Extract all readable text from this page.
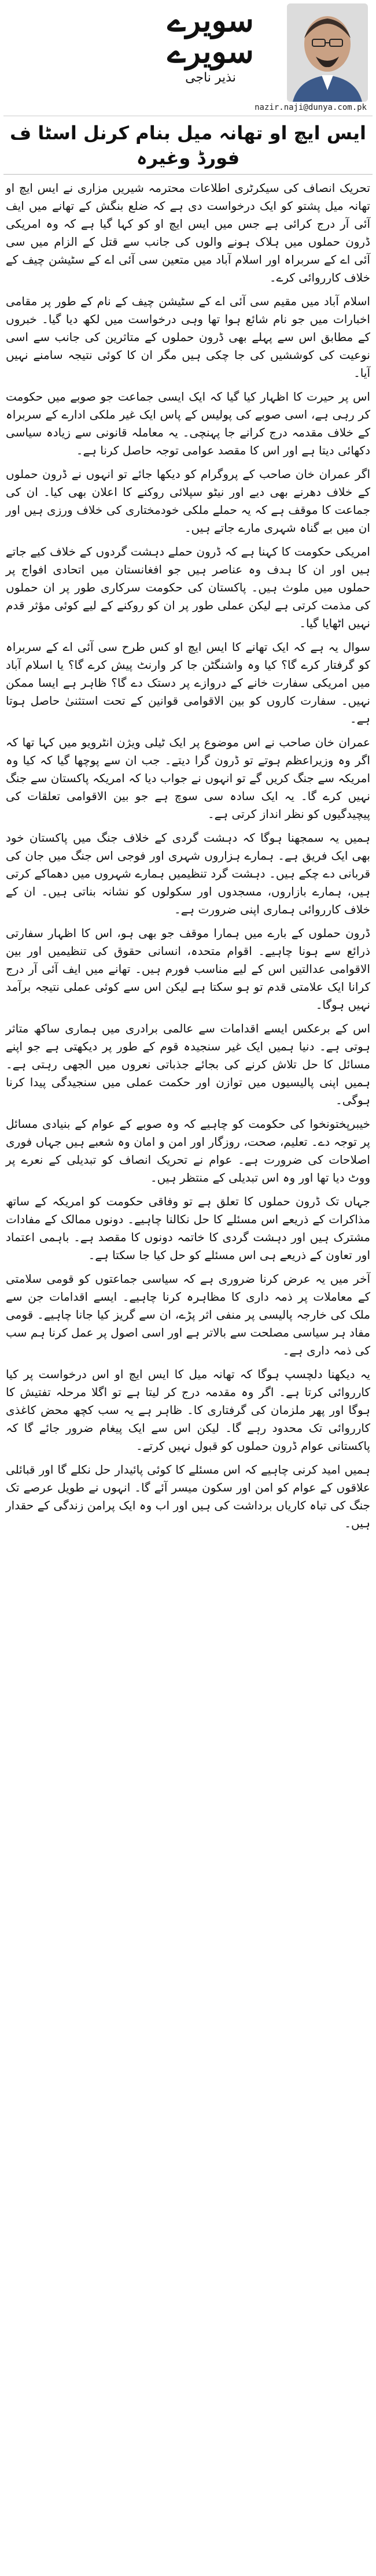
سویرے
سویرے
نذیر ناجی
nazir.naji@dunya.com.pk
ایس ایچ او تھانہ میل بنام کرنل اسٹا ف فورڈ وغیرہ

تحریک انصاف کی سیکرٹری اطلاعات محترمہ شیریں مزاری نے ایس ایچ او تھانہ میل پشتو کو ایک درخواست دی ہے کہ ضلع بنگش کے تھانے میں ایف آئی آر درج کرائی ہے جس میں ایس ایچ او کو کہا گیا ہے کہ وہ امریکی ڈرون حملوں میں ہلاک ہونے والوں کی جانب سے قتل کے الزام میں سی آئی اے کے سربراہ اور اسلام آباد میں متعین سی آئی اے کے سٹیشن چیف کے خلاف کارروائی کرے۔

اسلام آباد میں مقیم سی آئی اے کے سٹیشن چیف کے نام کے طور پر مقامی اخبارات میں جو نام شائع ہوا تھا وہی درخواست میں لکھ دیا گیا۔ خبروں کے مطابق اس سے پہلے بھی ڈرون حملوں کے متاثرین کی جانب سے اسی نوعیت کی کوششیں کی جا چکی ہیں مگر ان کا کوئی نتیجہ سامنے نہیں آیا۔

اس پر حیرت کا اظہار کیا گیا کہ ایک ایسی جماعت جو صوبے میں حکومت کر رہی ہے، اسی صوبے کی پولیس کے پاس ایک غیر ملکی ادارے کے سربراہ کے خلاف مقدمہ درج کرانے جا پہنچی۔ یہ معاملہ قانونی سے زیادہ سیاسی دکھائی دیتا ہے اور اس کا مقصد عوامی توجہ حاصل کرنا ہے۔

اگر عمران خان صاحب کے پروگرام کو دیکھا جائے تو انہوں نے ڈرون حملوں کے خلاف دھرنے بھی دیے اور نیٹو سپلائی روکنے کا اعلان بھی کیا۔ ان کی جماعت کا موقف ہے کہ یہ حملے ملکی خودمختاری کی خلاف ورزی ہیں اور ان میں بے گناہ شہری مارے جاتے ہیں۔

امریکی حکومت کا کہنا ہے کہ ڈرون حملے دہشت گردوں کے خلاف کیے جاتے ہیں اور ان کا ہدف وہ عناصر ہیں جو افغانستان میں اتحادی افواج پر حملوں میں ملوث ہیں۔ پاکستان کی حکومت سرکاری طور پر ان حملوں کی مذمت کرتی ہے لیکن عملی طور پر ان کو روکنے کے لیے کوئی مؤثر قدم نہیں اٹھایا گیا۔

سوال یہ ہے کہ ایک تھانے کا ایس ایچ او کس طرح سی آئی اے کے سربراہ کو گرفتار کرے گا؟ کیا وہ واشنگٹن جا کر وارنٹ پیش کرے گا؟ یا اسلام آباد میں امریکی سفارت خانے کے دروازے پر دستک دے گا؟ ظاہر ہے ایسا ممکن نہیں۔ سفارت کاروں کو بین الاقوامی قوانین کے تحت استثنیٰ حاصل ہوتا ہے۔

عمران خان صاحب نے اس موضوع پر ایک ٹیلی ویژن انٹرویو میں کہا تھا کہ اگر وہ وزیراعظم ہوتے تو ڈرون گرا دیتے۔ جب ان سے پوچھا گیا کہ کیا وہ امریکہ سے جنگ کریں گے تو انہوں نے جواب دیا کہ امریکہ پاکستان سے جنگ نہیں کرے گا۔ یہ ایک سادہ سی سوچ ہے جو بین الاقوامی تعلقات کی پیچیدگیوں کو نظر انداز کرتی ہے۔

ہمیں یہ سمجھنا ہوگا کہ دہشت گردی کے خلاف جنگ میں پاکستان خود بھی ایک فریق ہے۔ ہمارے ہزاروں شہری اور فوجی اس جنگ میں جان کی قربانی دے چکے ہیں۔ دہشت گرد تنظیمیں ہمارے شہروں میں دھماکے کرتی ہیں، ہمارے بازاروں، مسجدوں اور سکولوں کو نشانہ بناتی ہیں۔ ان کے خلاف کارروائی ہماری اپنی ضرورت ہے۔

ڈرون حملوں کے بارے میں ہمارا موقف جو بھی ہو، اس کا اظہار سفارتی ذرائع سے ہونا چاہیے۔ اقوام متحدہ، انسانی حقوق کی تنظیمیں اور بین الاقوامی عدالتیں اس کے لیے مناسب فورم ہیں۔ تھانے میں ایف آئی آر درج کرانا ایک علامتی قدم تو ہو سکتا ہے لیکن اس سے کوئی عملی نتیجہ برآمد نہیں ہوگا۔

اس کے برعکس ایسے اقدامات سے عالمی برادری میں ہماری ساکھ متاثر ہوتی ہے۔ دنیا ہمیں ایک غیر سنجیدہ قوم کے طور پر دیکھتی ہے جو اپنے مسائل کا حل تلاش کرنے کی بجائے جذباتی نعروں میں الجھی رہتی ہے۔ ہمیں اپنی پالیسیوں میں توازن اور حکمت عملی میں سنجیدگی پیدا کرنا ہوگی۔

خیبرپختونخوا کی حکومت کو چاہیے کہ وہ صوبے کے عوام کے بنیادی مسائل پر توجہ دے۔ تعلیم، صحت، روزگار اور امن و امان وہ شعبے ہیں جہاں فوری اصلاحات کی ضرورت ہے۔ عوام نے تحریک انصاف کو تبدیلی کے نعرے پر ووٹ دیا تھا اور وہ اس تبدیلی کے منتظر ہیں۔

جہاں تک ڈرون حملوں کا تعلق ہے تو وفاقی حکومت کو امریکہ کے ساتھ مذاکرات کے ذریعے اس مسئلے کا حل نکالنا چاہیے۔ دونوں ممالک کے مفادات مشترک ہیں اور دہشت گردی کا خاتمہ دونوں کا مقصد ہے۔ باہمی اعتماد اور تعاون کے ذریعے ہی اس مسئلے کو حل کیا جا سکتا ہے۔

آخر میں یہ عرض کرنا ضروری ہے کہ سیاسی جماعتوں کو قومی سلامتی کے معاملات پر ذمہ داری کا مظاہرہ کرنا چاہیے۔ ایسے اقدامات جن سے ملک کی خارجہ پالیسی پر منفی اثر پڑے، ان سے گریز کیا جانا چاہیے۔ قومی مفاد ہر سیاسی مصلحت سے بالاتر ہے اور اسی اصول پر عمل کرنا ہم سب کی ذمہ داری ہے۔

یہ دیکھنا دلچسپ ہوگا کہ تھانہ میل کا ایس ایچ او اس درخواست پر کیا کارروائی کرتا ہے۔ اگر وہ مقدمہ درج کر لیتا ہے تو اگلا مرحلہ تفتیش کا ہوگا اور پھر ملزمان کی گرفتاری کا۔ ظاہر ہے یہ سب کچھ محض کاغذی کارروائی تک محدود رہے گا۔ لیکن اس سے ایک پیغام ضرور جائے گا کہ پاکستانی عوام ڈرون حملوں کو قبول نہیں کرتے۔

ہمیں امید کرنی چاہیے کہ اس مسئلے کا کوئی پائیدار حل نکلے گا اور قبائلی علاقوں کے عوام کو امن اور سکون میسر آئے گا۔ انہوں نے طویل عرصے تک جنگ کی تباہ کاریاں برداشت کی ہیں اور اب وہ ایک پرامن زندگی کے حقدار ہیں۔
